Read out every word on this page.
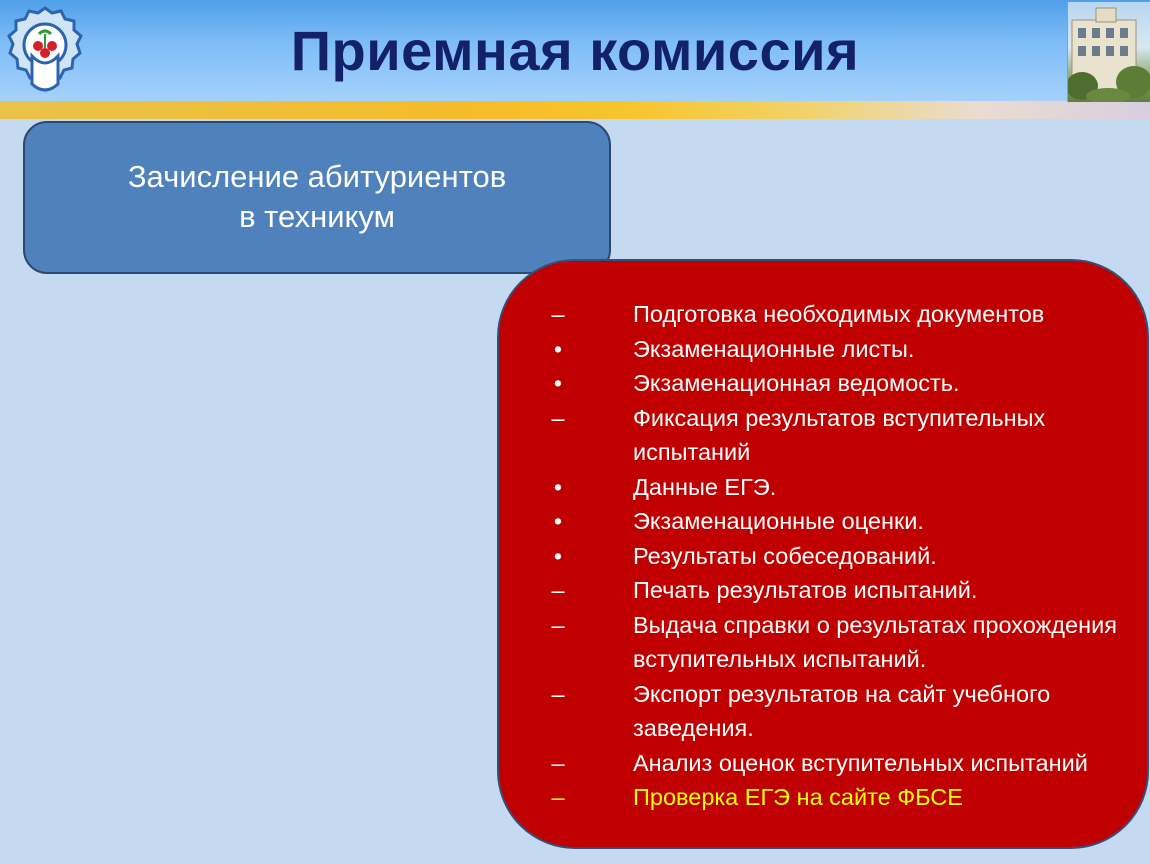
Приемная комиссия
Зачисление абитуриентов
в техникум
–	Подготовка необходимых документов
•	Экзаменационные листы.
•	Экзаменационная ведомость.
–	Фиксация результатов вступительных испытаний
•	Данные ЕГЭ.
•	Экзаменационные оценки.
•	Результаты собеседований.
–	Печать результатов испытаний.
–	Выдача справки о результатах прохождения вступительных испытаний.
–	Экспорт результатов на сайт учебного заведения.
–	Анализ оценок вступительных испытаний
–	Проверка ЕГЭ на сайте ФБСЕ
